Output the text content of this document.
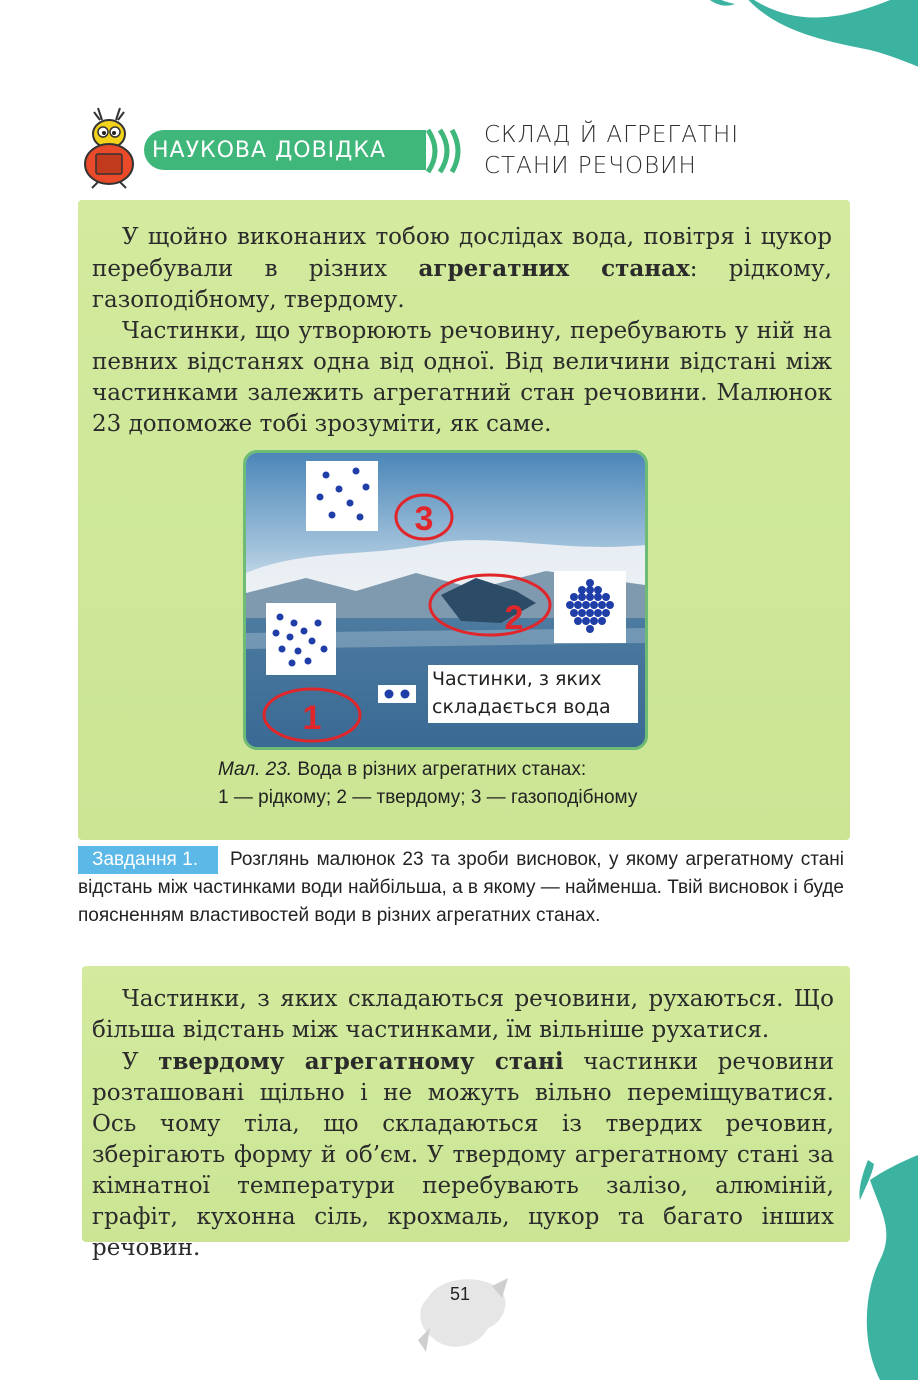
НАУКОВА ДОВІДКА
СКЛАД Й АГРЕГАТНІ
СТАНИ РЕЧОВИН

У щойно виконаних тобою дослідах вода, повітря і цукор перебували в різних агрегатних станах: рідкому, газоподібному, твердому.

Частинки, що утворюють речовину, перебувають у ній на певних відстанях одна від одної. Від величини відстані між частинками залежить агрегатний стан речовини. Малюнок 23 допоможе тобі зрозуміти, як саме.

3
2
1
Частинки, з яких
складається вода
Мал. 23. Вода в різних агрегатних станах:
1 — рідкому; 2 — твердому; 3 — газоподібному
Завдання 1.	Розглянь малюнок 23 та зроби висновок, у якому агрегатному стані відстань між частинками води найбільша, а в якому — найменша. Твій висновок і буде поясненням властивостей води в різних агрегатних станах.

Частинки, з яких складаються речовини, рухаються. Що більша відстань між частинками, їм вільніше рухатися.

У твердому агрегатному стані частинки речовини розташовані щільно і не можуть вільно переміщуватися. Ось чому тіла, що складаються із твердих речовин, зберігають форму й об’єм. У твердому агрегатному стані за кімнатної температури перебувають залізо, алюміній, графіт, кухонна сіль, крохмаль, цукор та багато інших речовин.

51
